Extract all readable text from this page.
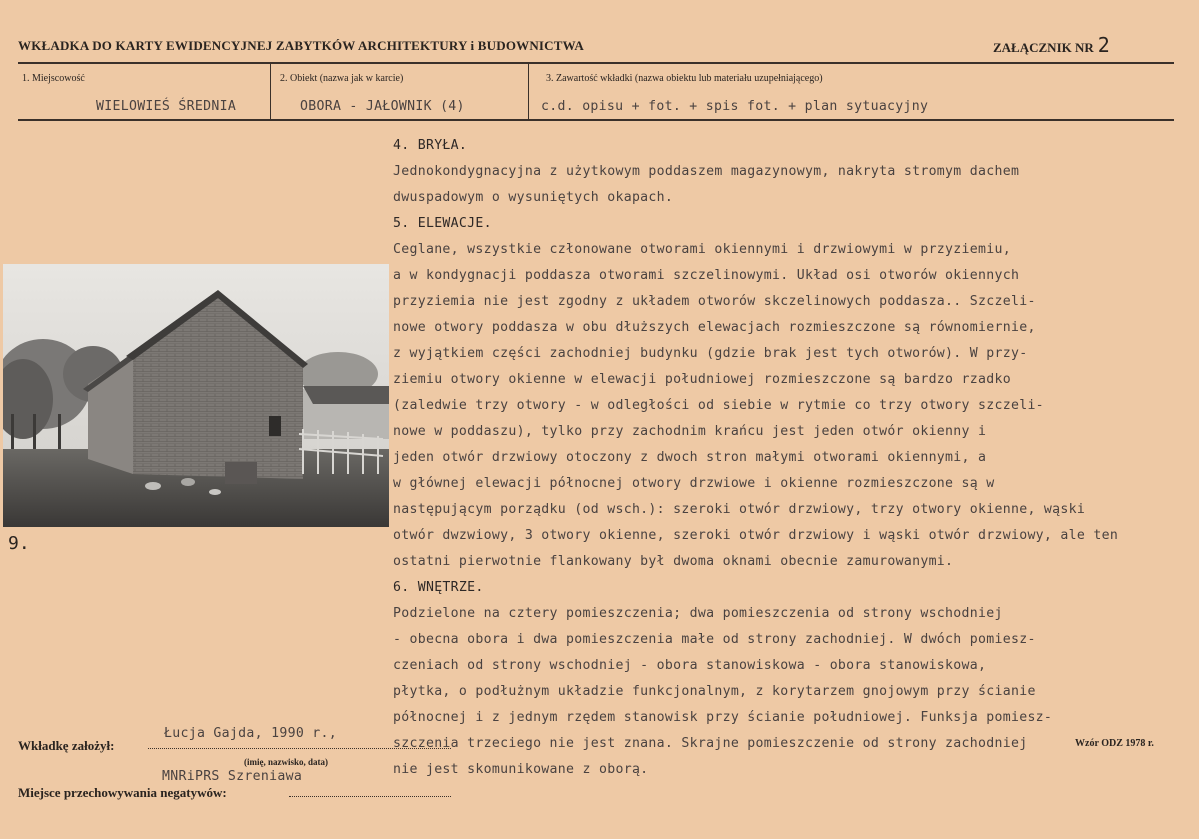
WKŁADKA DO KARTY EWIDENCYJNEJ ZABYTKÓW ARCHITEKTURY i BUDOWNICTWA	ZAŁĄCZNIK NR 2
1. Miejscowość
WIELOWIEŚ ŚREDNIA
2. Obiekt (nazwa jak w karcie)
OBORA - JAŁOWNIK (4)
3. Zawartość wkładki (nazwa obiektu lub materiału uzupełniającego)
c.d. opisu + fot. + spis fot. + plan sytuacyjny
4. BRYŁA.
Jednokondygnacyjna z użytkowym poddaszem magazynowym, nakryta stromym dachem
dwuspadowym o wysuniętych okapach.
5. ELEWACJE.
Ceglane, wszystkie członowane otworami okiennymi i drzwiowymi w przyziemiu,
a w kondygnacji poddasza otworami szczelinowymi. Układ osi otworów okiennych
przyziemia nie jest zgodny z układem otworów skczelinowych poddasza.. Szczeli-
nowe otwory poddasza w obu dłuższych elewacjach rozmieszczone są równomiernie,
z wyjątkiem części zachodniej budynku (gdzie brak jest tych otworów). W przy-
ziemiu otwory okienne w elewacji południowej rozmieszczone są bardzo rzadko
(zaledwie trzy otwory - w odległości od siebie w rytmie co trzy otwory szczeli-
nowe w poddaszu), tylko przy zachodnim krańcu jest jeden otwór okienny i
jeden otwór drzwiowy otoczony z dwoch stron małymi otworami okiennymi, a
w głównej elewacji północnej otwory drzwiowe i okienne rozmieszczone są w
następującym porządku (od wsch.): szeroki otwór drzwiowy, trzy otwory okienne, wąski
otwór dwzwiowy, 3 otwory okienne, szeroki otwór drzwiowy i wąski otwór drzwiowy, ale ten
ostatni pierwotnie flankowany był dwoma oknami obecnie zamurowanymi.
6. WNĘTRZE.
Podzielone na cztery pomieszczenia; dwa pomieszczenia od strony wschodniej
- obecna obora i dwa pomieszczenia małe od strony zachodniej. W dwóch pomiesz-
czeniach od strony wschodniej - obora stanowiskowa - obora stanowiskowa,
płytka, o podłużnym układzie funkcjonalnym, z korytarzem gnojowym przy ścianie
północnej i z jednym rzędem stanowisk przy ścianie południowej. Funksja pomiesz-
szczenia trzeciego nie jest znana. Skrajne pomieszczenie od strony zachodniej
nie jest skomunikowane z oborą.
9.
Wkładkę założył:
Łucja Gajda, 1990 r.,
(imię, nazwisko, data)
MNRiPRS Szreniawa
Miejsce przechowywania negatywów:
Wzór ODZ 1978 r.
